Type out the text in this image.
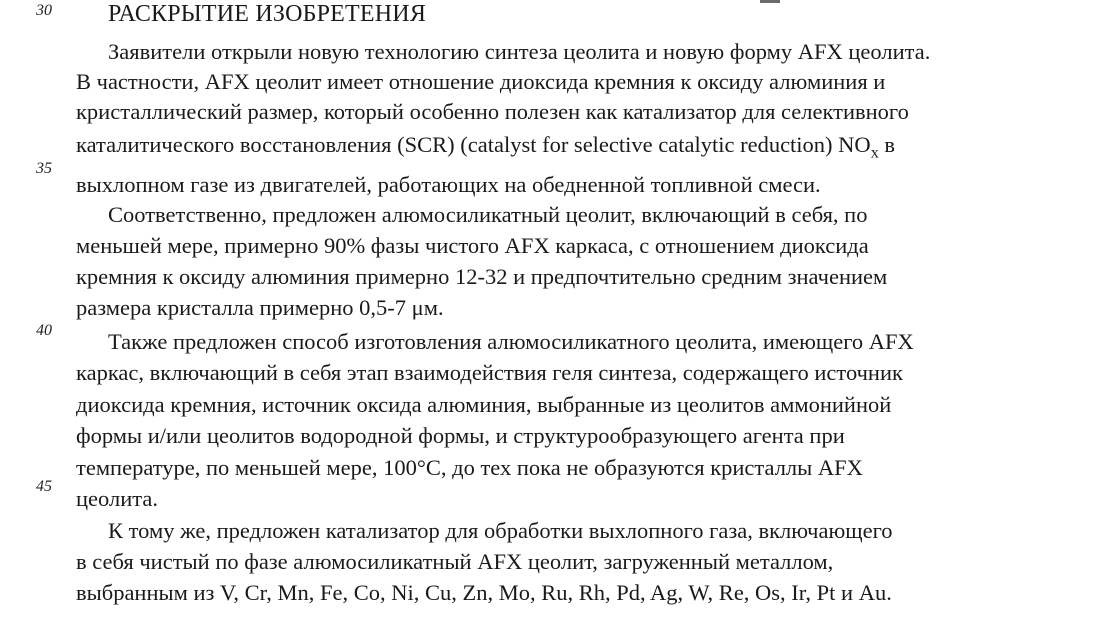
30
35
40
45
РАСКРЫТИЕ ИЗОБРЕТЕНИЯ
Заявители открыли новую технологию синтеза цеолита и новую форму AFX цеолита.
В частности, AFX цеолит имеет отношение диоксида кремния к оксиду алюминия и
кристаллический размер, который особенно полезен как катализатор для селективного
каталитического восстановления (SCR) (catalyst for selective catalytic reduction) $NO_x$ в
выхлопном газе из двигателей, работающих на обедненной топливной смеси.
Соответственно, предложен алюмосиликатный цеолит, включающий в себя, по
меньшей мере, примерно 90% фазы чистого AFX каркаса, с отношением диоксида
кремния к оксиду алюминия примерно 12-32 и предпочтительно средним значением
размера кристалла примерно 0,5-7 μм.
Также предложен способ изготовления алюмосиликатного цеолита, имеющего AFX
каркас, включающий в себя этап взаимодействия геля синтеза, содержащего источник
диоксида кремния, источник оксида алюминия, выбранные из цеолитов аммонийной
формы и/или цеолитов водородной формы, и структурообразующего агента при
температуре, по меньшей мере, 100°С, до тех пока не образуются кристаллы AFX
цеолита.
К тому же, предложен катализатор для обработки выхлопного газа, включающего
в себя чистый по фазе алюмосиликатный AFX цеолит, загруженный металлом,
выбранным из V, Cr, Mn, Fe, Co, Ni, Cu, Zn, Mo, Ru, Rh, Pd, Ag, W, Re, Os, Ir, Pt и Au.
